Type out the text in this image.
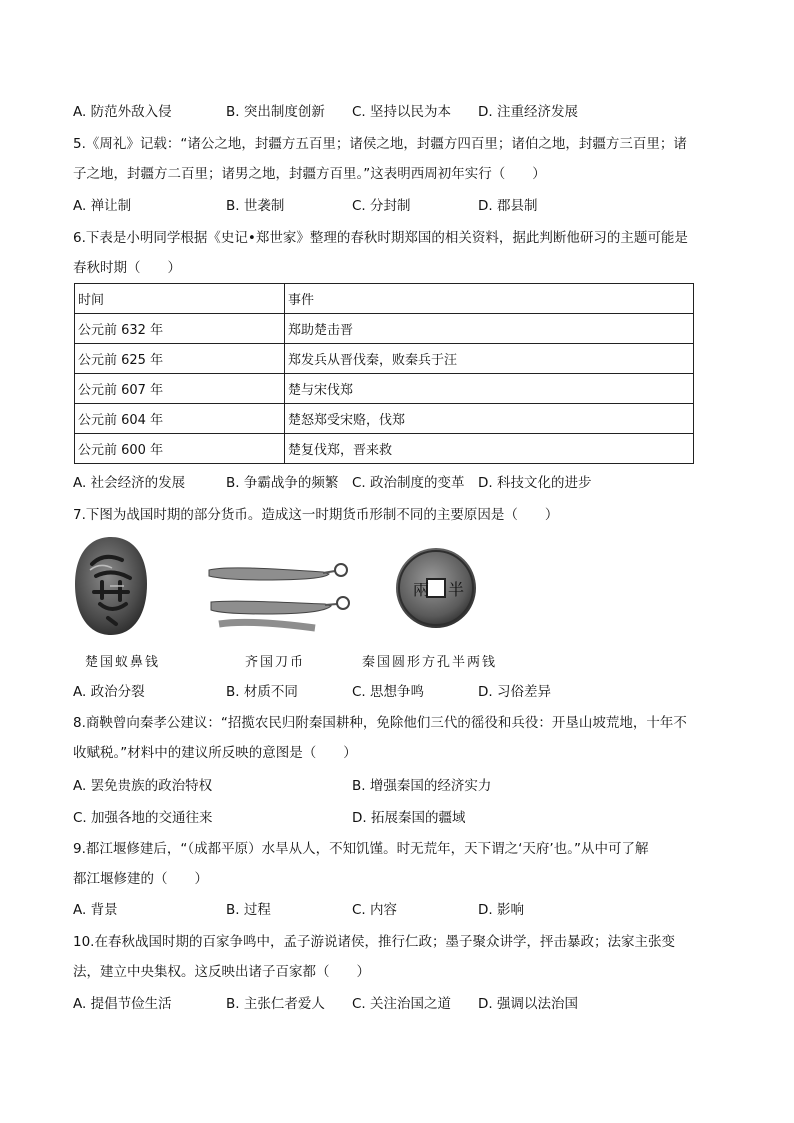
A. 防范外敌入侵	B. 突出制度创新 C. 坚持以民为本 D. 注重经济发展
5.《周礼》记载：“诸公之地，封疆方五百里；诸侯之地，封疆方四百里；诸伯之地，封疆方三百里；诸
子之地，封疆方二百里；诸男之地，封疆方百里。”这表明西周初年实行（　　）
A. 禅让制	B. 世袭制	C. 分封制	D. 郡县制
6.下表是小明同学根据《史记•郑世家》整理的春秋时期郑国的相关资料，据此判断他研习的主题可能是
春秋时期（　　）
时间	事件
公元前 632 年	郑助楚击晋
公元前 625 年	郑发兵从晋伐秦，败秦兵于汪
公元前 607 年	楚与宋伐郑
公元前 604 年	楚怒郑受宋赂，伐郑
公元前 600 年	楚复伐郑，晋来救
A. 社会经济的发展	B. 争霸战争的频繁 C. 政治制度的变革 D. 科技文化的进步
7.下图为战国时期的部分货币。造成这一时期货币形制不同的主要原因是（　　）
兩 半
楚国蚁鼻钱	齐国刀币	秦国圆形方孔半两钱
A. 政治分裂	B. 材质不同	C. 思想争鸣	D. 习俗差异
8.商鞅曾向秦孝公建议：“招揽农民归附秦国耕种，免除他们三代的徭役和兵役：开垦山坡荒地，十年不
收赋税。”材料中的建议所反映的意图是（　　）
A. 罢免贵族的政治特权	B. 增强秦国的经济实力
C. 加强各地的交通往来	D. 拓展秦国的疆域
9.都江堰修建后，“（成都平原）水旱从人，不知饥馑。时无荒年，天下谓之‘天府’也。”从中可了解
都江堰修建的（　　）
A. 背景	B. 过程	C. 内容	D. 影响
10.在春秋战国时期的百家争鸣中，孟子游说诸侯，推行仁政；墨子聚众讲学，抨击暴政；法家主张变
法，建立中央集权。这反映出诸子百家都（　　）
A. 提倡节俭生活	B. 主张仁者爱人 C. 关注治国之道 D. 强调以法治国
